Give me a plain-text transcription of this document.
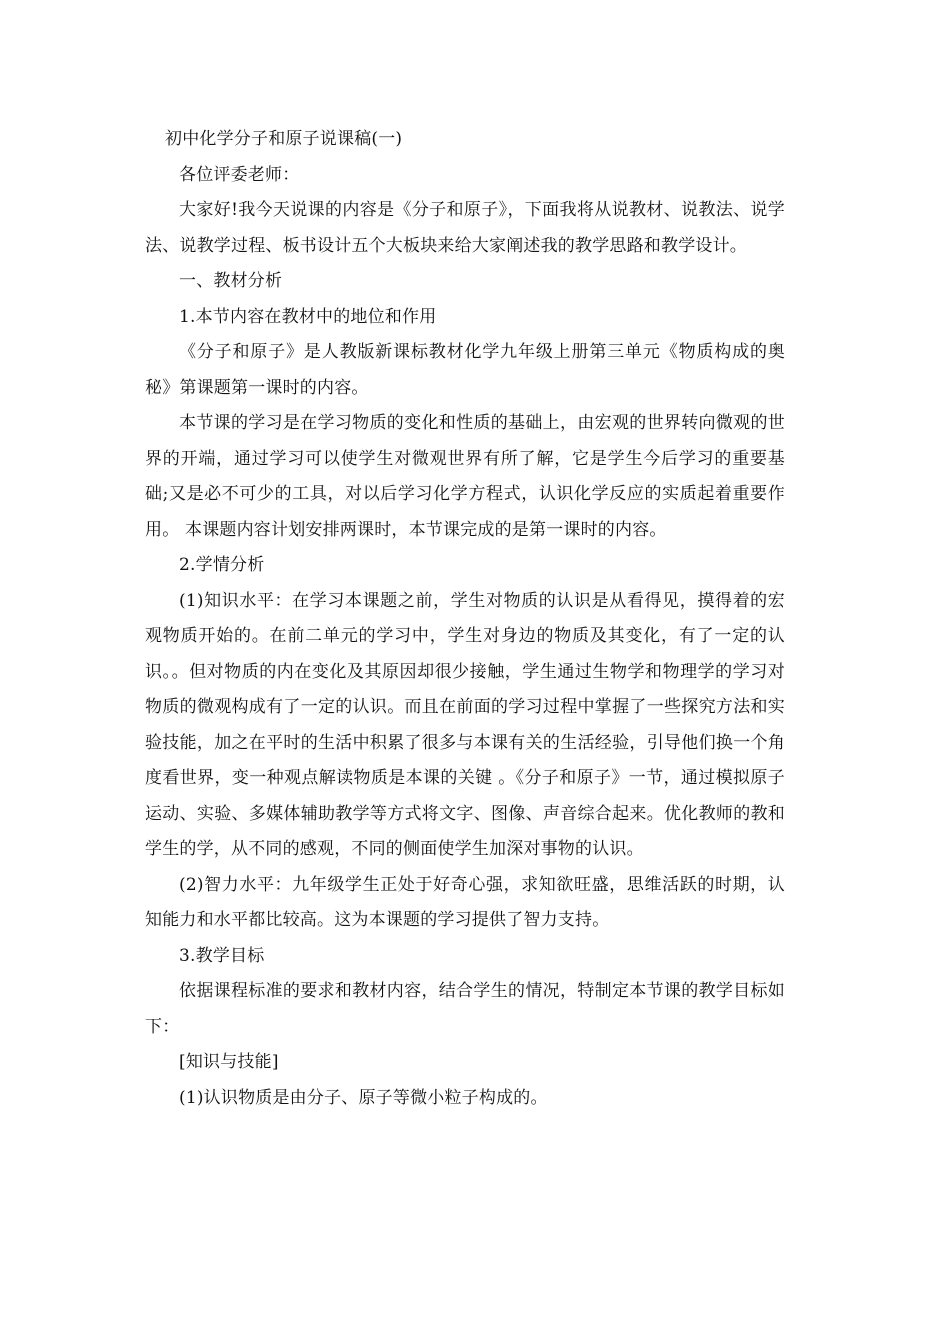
初中化学分子和原子说课稿(一)

各位评委老师：

大家好!我今天说课的内容是《分子和原子》，下面我将从说教材、说教法、说学法、说教学过程、板书设计五个大板块来给大家阐述我的教学思路和教学设计。

一、教材分析

1.本节内容在教材中的地位和作用

《分子和原子》是人教版新课标教材化学九年级上册第三单元《物质构成的奥秘》第课题第一课时的内容。

本节课的学习是在学习物质的变化和性质的基础上，由宏观的世界转向微观的世界的开端，通过学习可以使学生对微观世界有所了解，它是学生今后学习的重要基础;又是必不可少的工具，对以后学习化学方程式，认识化学反应的实质起着重要作用。 本课题内容计划安排两课时，本节课完成的是第一课时的内容。

2.学情分析

(1)知识水平：在学习本课题之前，学生对物质的认识是从看得见，摸得着的宏观物质开始的。在前二单元的学习中，学生对身边的物质及其变化，有了一定的认识。。但对物质的内在变化及其原因却很少接触，学生通过生物学和物理学的学习对物质的微观构成有了一定的认识。而且在前面的学习过程中掌握了一些探究方法和实验技能，加之在平时的生活中积累了很多与本课有关的生活经验，引导他们换一个角度看世界，变一种观点解读物质是本课的关键 。《分子和原子》一节，通过模拟原子运动、实验、多媒体辅助教学等方式将文字、图像、声音综合起来。优化教师的教和学生的学，从不同的感观，不同的侧面使学生加深对事物的认识。

(2)智力水平：九年级学生正处于好奇心强，求知欲旺盛，思维活跃的时期，认知能力和水平都比较高。这为本课题的学习提供了智力支持。

3.教学目标

依据课程标准的要求和教材内容，结合学生的情况，特制定本节课的教学目标如下：

[知识与技能]

(1)认识物质是由分子、原子等微小粒子构成的。
